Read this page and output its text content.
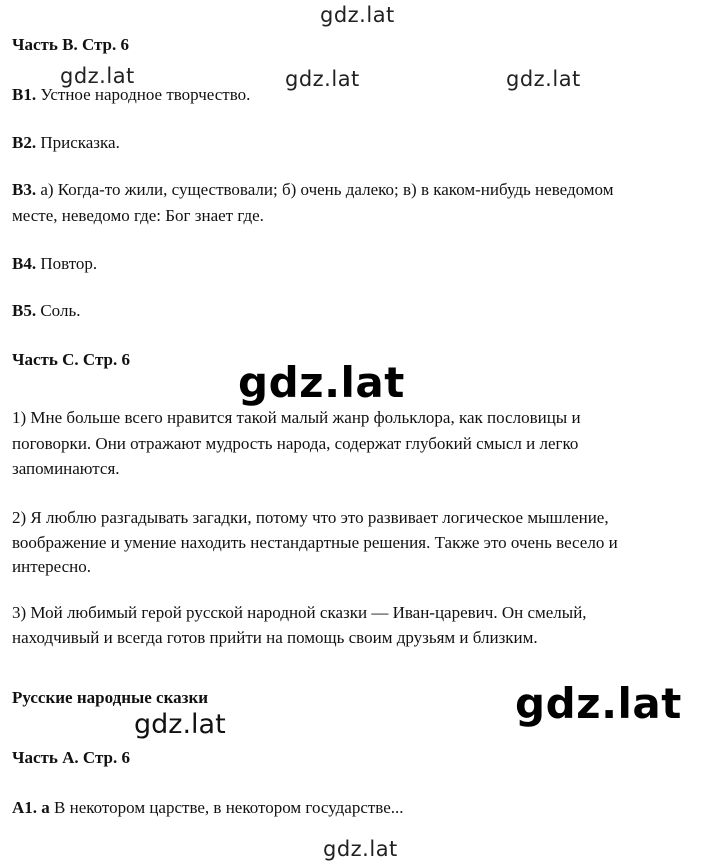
gdz.lat
gdz.lat	gdz.lat	gdz.lat
gdz.lat
gdz.lat
gdz.lat
gdz.lat
Часть В. Стр. 6
В1. Устное народное творчество.
В2. Присказка.
В3. а) Когда-то жили, существовали; б) очень далеко; в) в каком-нибудь неведомом
месте, неведомо где: Бог знает где.
В4. Повтор.
В5. Соль.
Часть С. Стр. 6
1) Мне больше всего нравится такой малый жанр фольклора, как пословицы и
поговорки. Они отражают мудрость народа, содержат глубокий смысл и легко
запоминаются.
2) Я люблю разгадывать загадки, потому что это развивает логическое мышление,
воображение и умение находить нестандартные решения. Также это очень весело и
интересно.
3) Мой любимый герой русской народной сказки — Иван-царевич. Он смелый,
находчивый и всегда готов прийти на помощь своим друзьям и близким.
Русские народные сказки
Часть А. Стр. 6
А1. а В некотором царстве, в некотором государстве...
